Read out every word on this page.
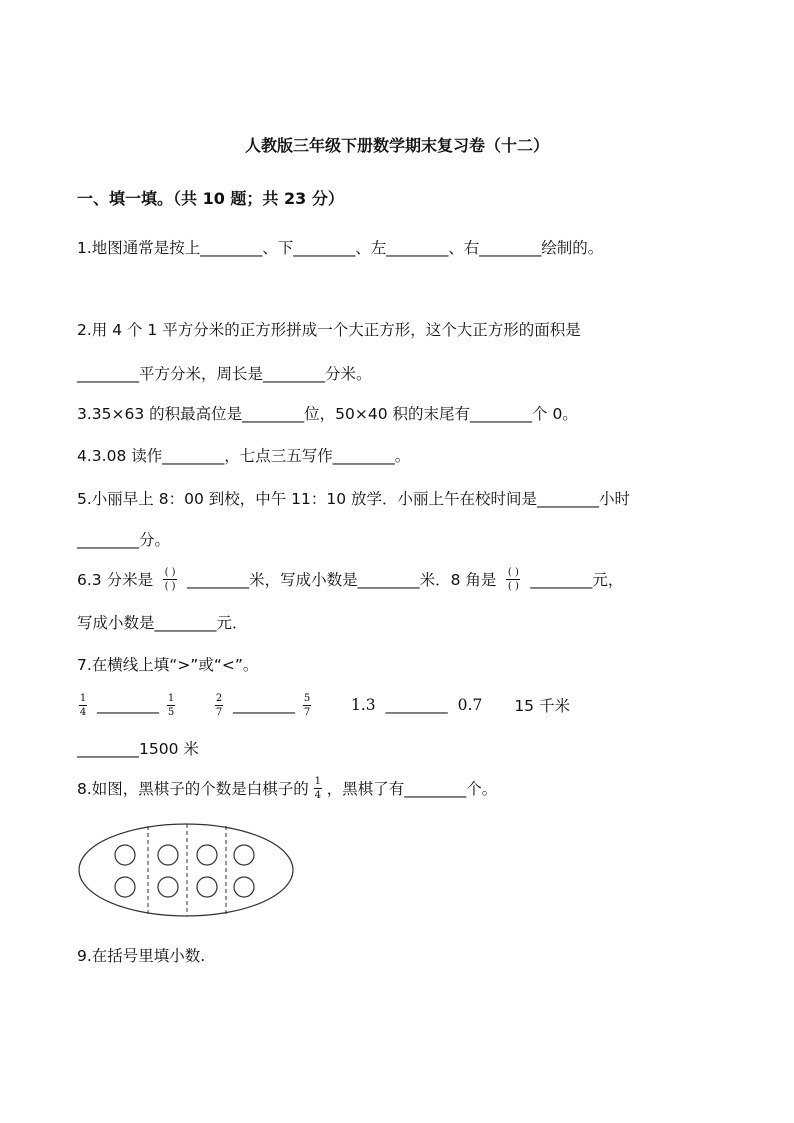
人教版三年级下册数学期末复习卷（十二）
一、填一填。（共 10 题；共 23 分）
1.地图通常是按上________、下________、左________、右________绘制的。
2.用 4 个 1 平方分米的正方形拼成一个大正方形，这个大正方形的面积是
________平方分米，周长是________分米。
3.35×63 的积最高位是________位，50×40 积的末尾有________个 0。
4.3.08 读作________，七点三五写作________。
5.小丽早上 8：00 到校，中午 11：10 放学．小丽上午在校时间是________小时
________分。
6.3 分米是 $\frac{( )}{( )}$ ________米，写成小数是________米．8 角是 $\frac{( )}{( )}$ ________元，
写成小数是________元．
7.在横线上填“>”或“<”。
$\frac{1}{4}$ ________ $\frac{1}{5}$	$\frac{2}{7}$ ________ $\frac{5}{7}$	1.3 ________ 0.7 15 千米
________1500 米
8.如图，黑棋子的个数是白棋子的 $\frac{1}{4}$ ，黑棋了有________个。
9.在括号里填小数.
